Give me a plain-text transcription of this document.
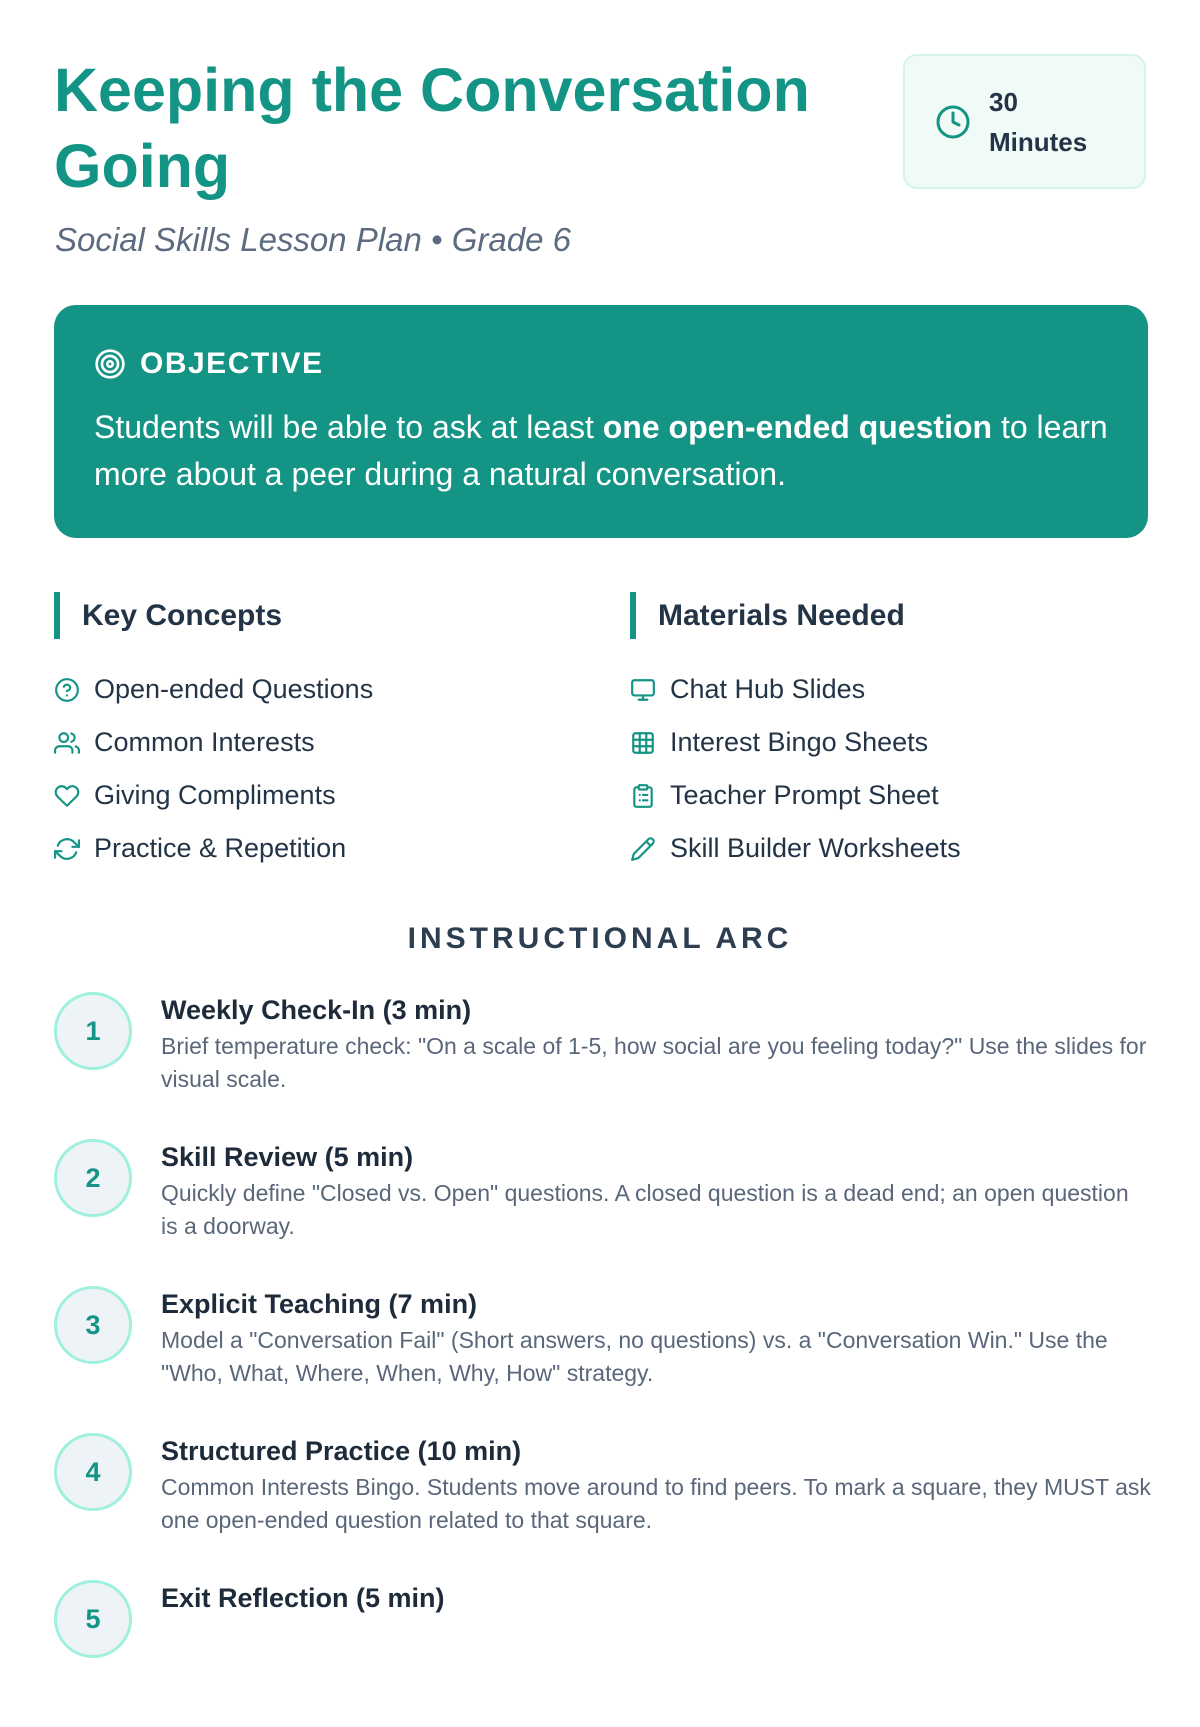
Keeping the Conversation Going

Social Skills Lesson Plan • Grade 6

30
Minutes
OBJECTIVE

Students will be able to ask at least one open-ended question to learn more about a peer during a natural conversation.

Key Concepts
Open-ended Questions
Common Interests
Giving Compliments
Practice & Repetition
Materials Needed
Chat Hub Slides
Interest Bingo Sheets
Teacher Prompt Sheet
Skill Builder Worksheets
INSTRUCTIONAL ARC
1

Weekly Check-In (3 min)

Brief temperature check: "On a scale of 1-5, how social are you feeling today?" Use the slides for visual scale.

2

Skill Review (5 min)

Quickly define "Closed vs. Open" questions. A closed question is a dead end; an open question is a doorway.

3

Explicit Teaching (7 min)

Model a "Conversation Fail" (Short answers, no questions) vs. a "Conversation Win." Use the "Who, What, Where, When, Why, How" strategy.

4

Structured Practice (10 min)

Common Interests Bingo. Students move around to find peers. To mark a square, they MUST ask one open-ended question related to that square.

5

Exit Reflection (5 min)
